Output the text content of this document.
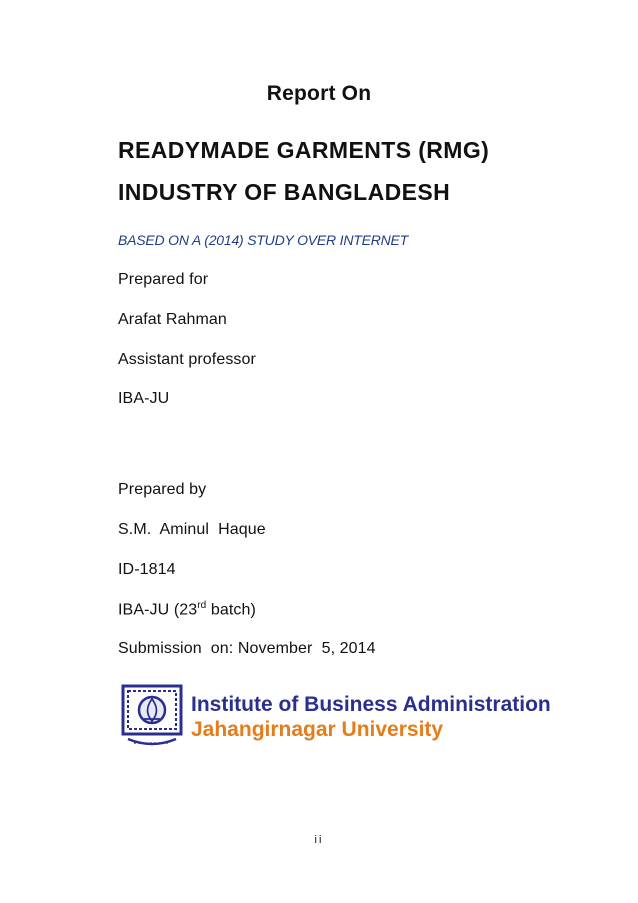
Report On
READYMADE GARMENTS (RMG)
INDUSTRY OF BANGLADESH
BASED ON A (2014) STUDY OVER INTERNET
Prepared for
Arafat Rahman
Assistant professor
IBA-JU
Prepared by
S.M.  Aminul  Haque
ID-1814
IBA-JU (23rd batch)
Submission  on: November  5, 2014
Institute of Business Administration
Jahangirnagar University
ii
